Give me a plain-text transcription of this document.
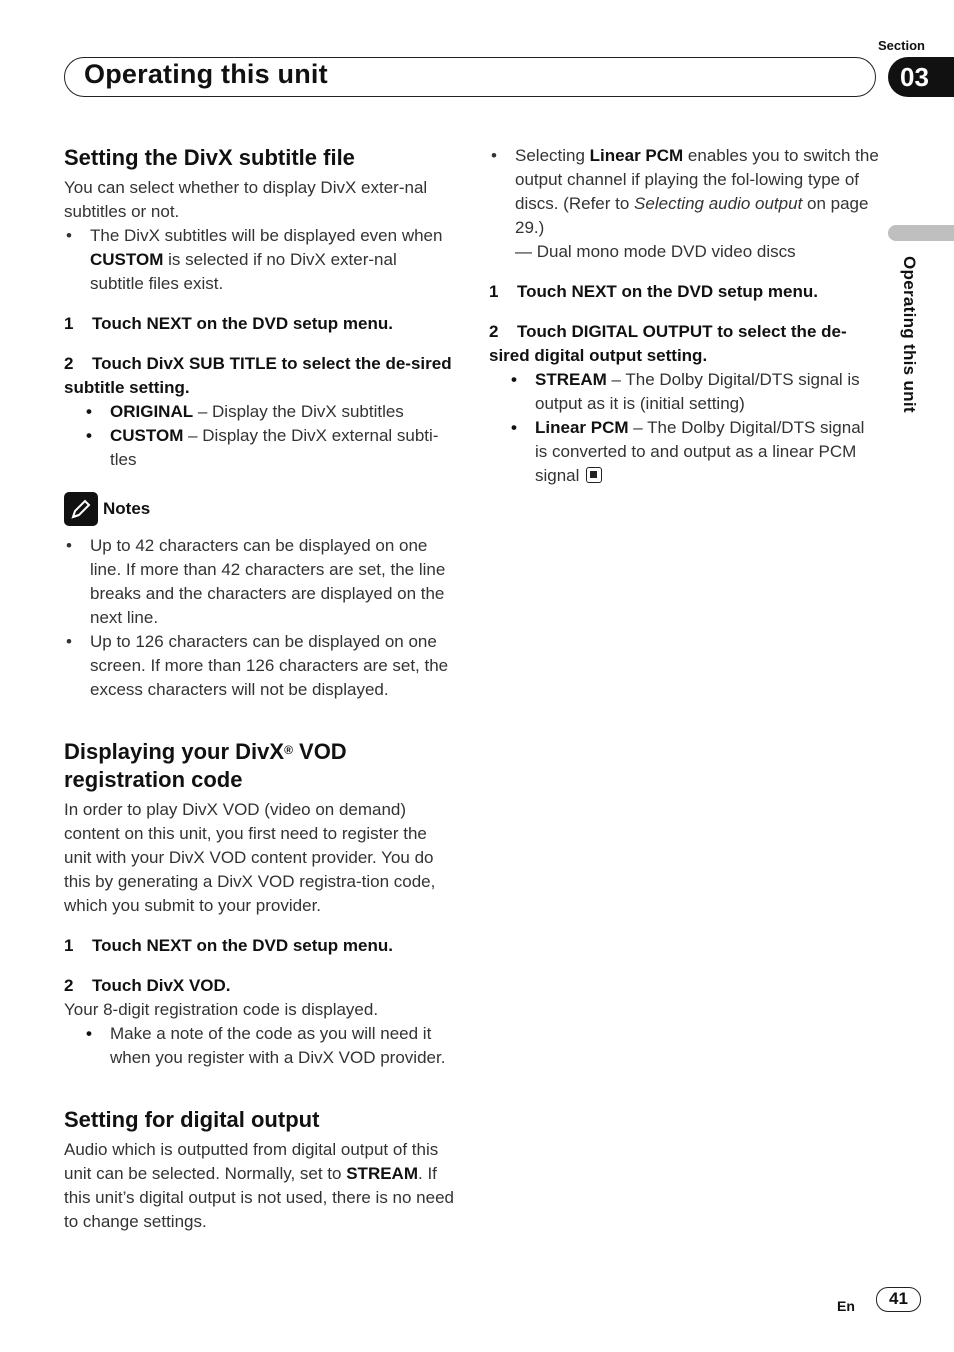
Section
Operating this unit	03
Operating this unit
Setting the DivX subtitle file

You can select whether to display DivX exter-nal subtitles or not.

• The DivX subtitles will be displayed even when CUSTOM is selected if no DivX exter-nal subtitle files exist.
1 Touch NEXT on the DVD setup menu.
2 Touch DivX SUB TITLE to select the de-sired subtitle setting.
• ORIGINAL – Display the DivX subtitles
• CUSTOM – Display the DivX external subti-tles
Notes
• Up to 42 characters can be displayed on one line. If more than 42 characters are set, the line breaks and the characters are displayed on the next line.
• Up to 126 characters can be displayed on one screen. If more than 126 characters are set, the excess characters will not be displayed.
Displaying your DivX® VOD registration code

In order to play DivX VOD (video on demand) content on this unit, you first need to register the unit with your DivX VOD content provider. You do this by generating a DivX VOD registra-tion code, which you submit to your provider.

1 Touch NEXT on the DVD setup menu.
2 Touch DivX VOD.

Your 8-digit registration code is displayed.

• Make a note of the code as you will need it when you register with a DivX VOD provider.
Setting for digital output

Audio which is outputted from digital output of this unit can be selected. Normally, set to STREAM. If this unit’s digital output is not used, there is no need to change settings.

• Selecting Linear PCM enables you to switch the output channel if playing the fol-lowing type of discs. (Refer to Selecting audio output on page 29.)

— Dual mono mode DVD video discs

1 Touch NEXT on the DVD setup menu.
2 Touch DIGITAL OUTPUT to select the de-sired digital output setting.
• STREAM – The Dolby Digital/DTS signal is output as it is (initial setting)
• Linear PCM – The Dolby Digital/DTS signal is converted to and output as a linear PCM signal
En	41
